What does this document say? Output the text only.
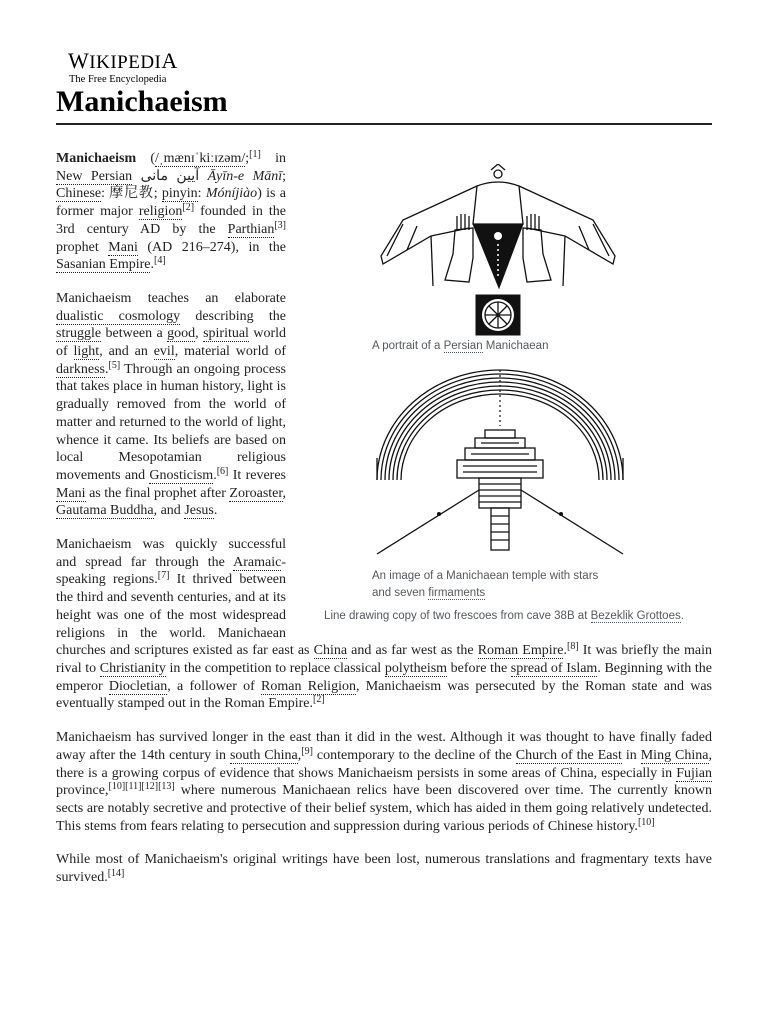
WIKIPEDIA
The Free Encyclopedia
Manichaeism
A portrait of a Persian Manichaean
An image of a Manichaean temple with stars and seven firmaments
Line drawing copy of two frescoes from cave 38B at Bezeklik Grottoes.

Manichaeism (/ˌmænɪˈkiːɪzəm/;[1] in New Persian آیین مانی Āyīn-e Mānī; Chinese: 摩尼教; pinyin: Móníjiào) is a former major religion[2] founded in the 3rd century AD by the Parthian[3] prophet Mani (AD 216–274), in the Sasanian Empire.[4]

Manichaeism teaches an elaborate dualistic cosmology describing the struggle between a good, spiritual world of light, and an evil, material world of darkness.[5] Through an ongoing process that takes place in human history, light is gradually removed from the world of matter and returned to the world of light, whence it came. Its beliefs are based on local Mesopotamian religious movements and Gnosticism.[6] It reveres Mani as the final prophet after Zoroaster, Gautama Buddha, and Jesus.

Manichaeism was quickly successful and spread far through the Aramaic-speaking regions.[7] It thrived between the third and seventh centuries, and at its height was one of the most widespread religions in the world. Manichaean churches and scriptures existed as far east as China and as far west as the Roman Empire.[8] It was briefly the main rival to Christianity in the competition to replace classical polytheism before the spread of Islam. Beginning with the emperor Diocletian, a follower of Roman Religion, Manichaeism was persecuted by the Roman state and was eventually stamped out in the Roman Empire.[2]

Manichaeism has survived longer in the east than it did in the west. Although it was thought to have finally faded away after the 14th century in south China,[9] contemporary to the decline of the Church of the East in Ming China, there is a growing corpus of evidence that shows Manichaeism persists in some areas of China, especially in Fujian province,[10][11][12][13] where numerous Manichaean relics have been discovered over time. The currently known sects are notably secretive and protective of their belief system, which has aided in them going relatively undetected. This stems from fears relating to persecution and suppression during various periods of Chinese history.[10]

While most of Manichaeism's original writings have been lost, numerous translations and fragmentary texts have survived.[14]
